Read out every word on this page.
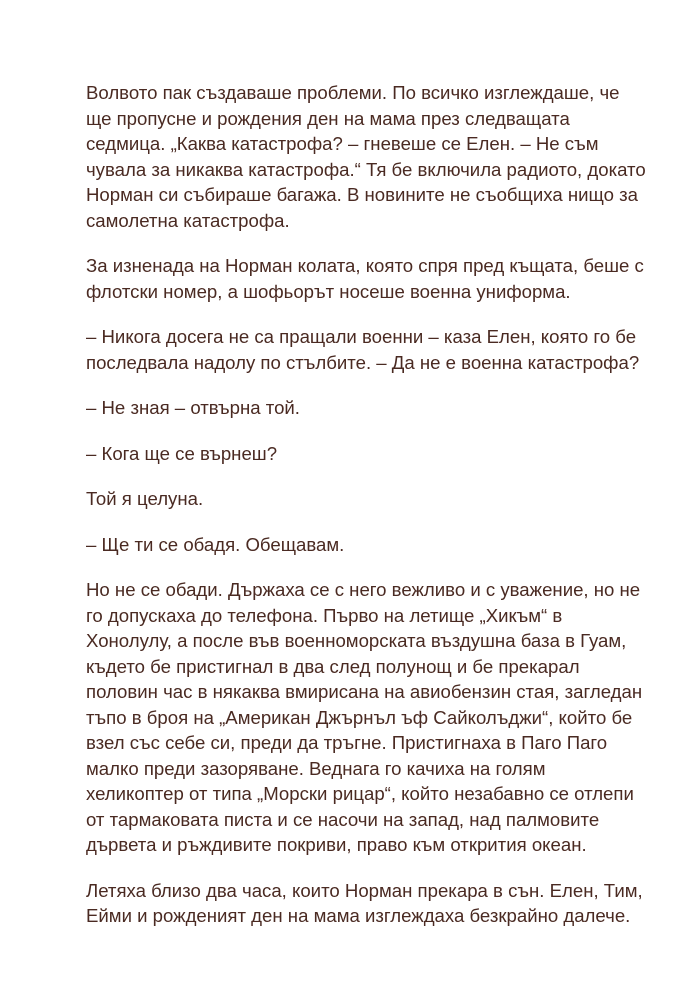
Волвото пак създаваше проблеми. По всичко изглеждаше, че ще пропусне и рождения ден на мама през следващата седмица. „Каква катастрофа? – гневеше се Елен. – Не съм чувала за никаква катастрофа.“ Тя бе включила радиото, докато Норман си събираше багажа. В новините не съобщиха нищо за самолетна катастрофа.

За изненада на Норман колата, която спря пред къщата, беше с флотски номер, а шофьорът носеше военна униформа.

– Никога досега не са пращали военни – каза Елен, която го бе последвала надолу по стълбите. – Да не е военна катастрофа?

– Не зная – отвърна той.

– Кога ще се върнеш?

Той я целуна.

– Ще ти се обадя. Обещавам.

Но не се обади. Държаха се с него вежливо и с уважение, но не го допускаха до телефона. Първо на летище „Хикъм“ в Хонолулу, а после във военноморската въздушна база в Гуам, където бе пристигнал в два след полунощ и бе прекарал половин час в някаква вмирисана на авиобензин стая, загледан тъпо в броя на „Американ Джърнъл ъф Сайколъджи“, който бе взел със себе си, преди да тръгне. Пристигнаха в Паго Паго малко преди зазоряване. Веднага го качиха на голям хеликоптер от типа „Морски рицар“, който незабавно се отлепи от тармаковата писта и се насочи на запад, над палмовите дървета и ръждивите покриви, право към открития океан.

Летяха близо два часа, които Норман прекара в сън. Елен, Тим, Ейми и рожденият ден на мама изглеждаха безкрайно далече.
